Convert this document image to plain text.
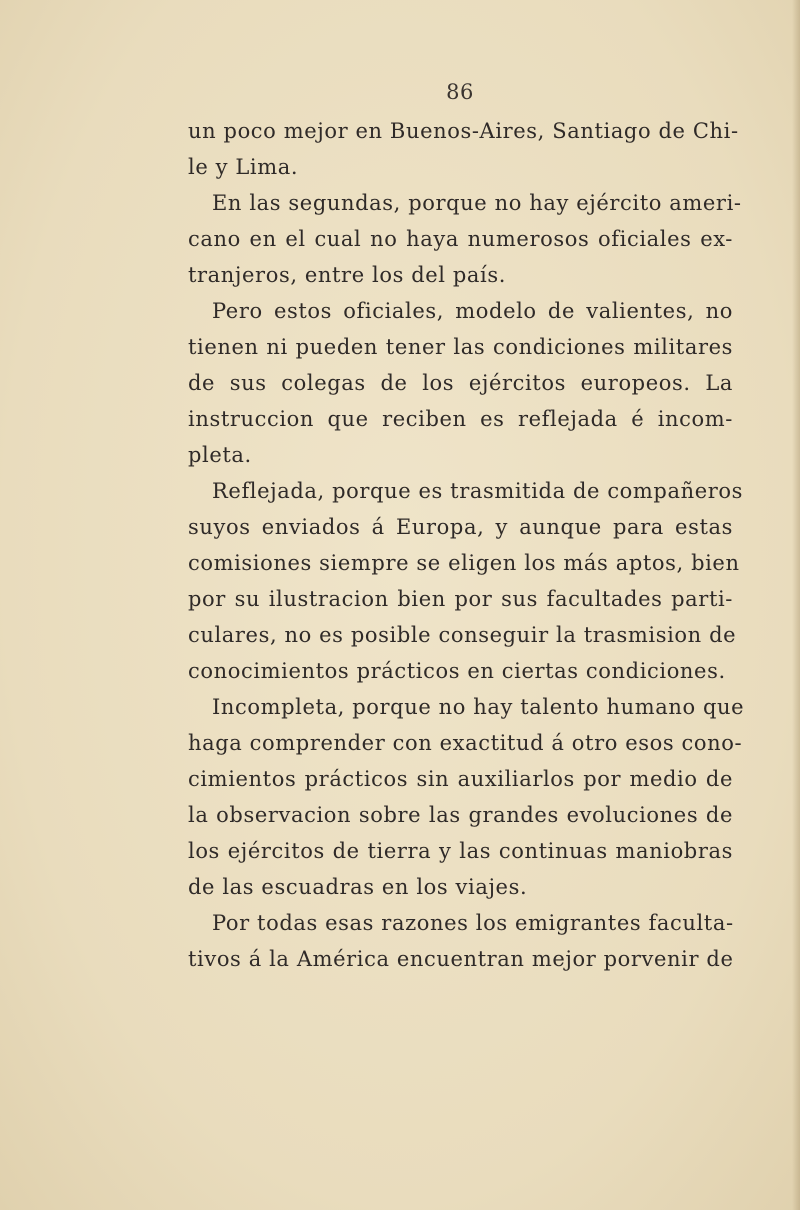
86
un poco mejor en Buenos-Aires, Santiago de Chi-
le y Lima.
En las segundas, porque no hay ejército ameri-
cano en el cual no haya numerosos oficiales ex-
tranjeros, entre los del país.
Pero estos oficiales, modelo de valientes, no
tienen ni pueden tener las condiciones militares
de sus colegas de los ejércitos europeos. La
instruccion que reciben es reflejada é incom-
pleta.
Reflejada, porque es trasmitida de compañeros
suyos enviados á Europa, y aunque para estas
comisiones siempre se eligen los más aptos, bien
por su ilustracion bien por sus facultades parti-
culares, no es posible conseguir la trasmision de
conocimientos prácticos en ciertas condiciones.
Incompleta, porque no hay talento humano que
haga comprender con exactitud á otro esos cono-
cimientos prácticos sin auxiliarlos por medio de
la observacion sobre las grandes evoluciones de
los ejércitos de tierra y las continuas maniobras
de las escuadras en los viajes.
Por todas esas razones los emigrantes faculta-
tivos á la América encuentran mejor porvenir de
